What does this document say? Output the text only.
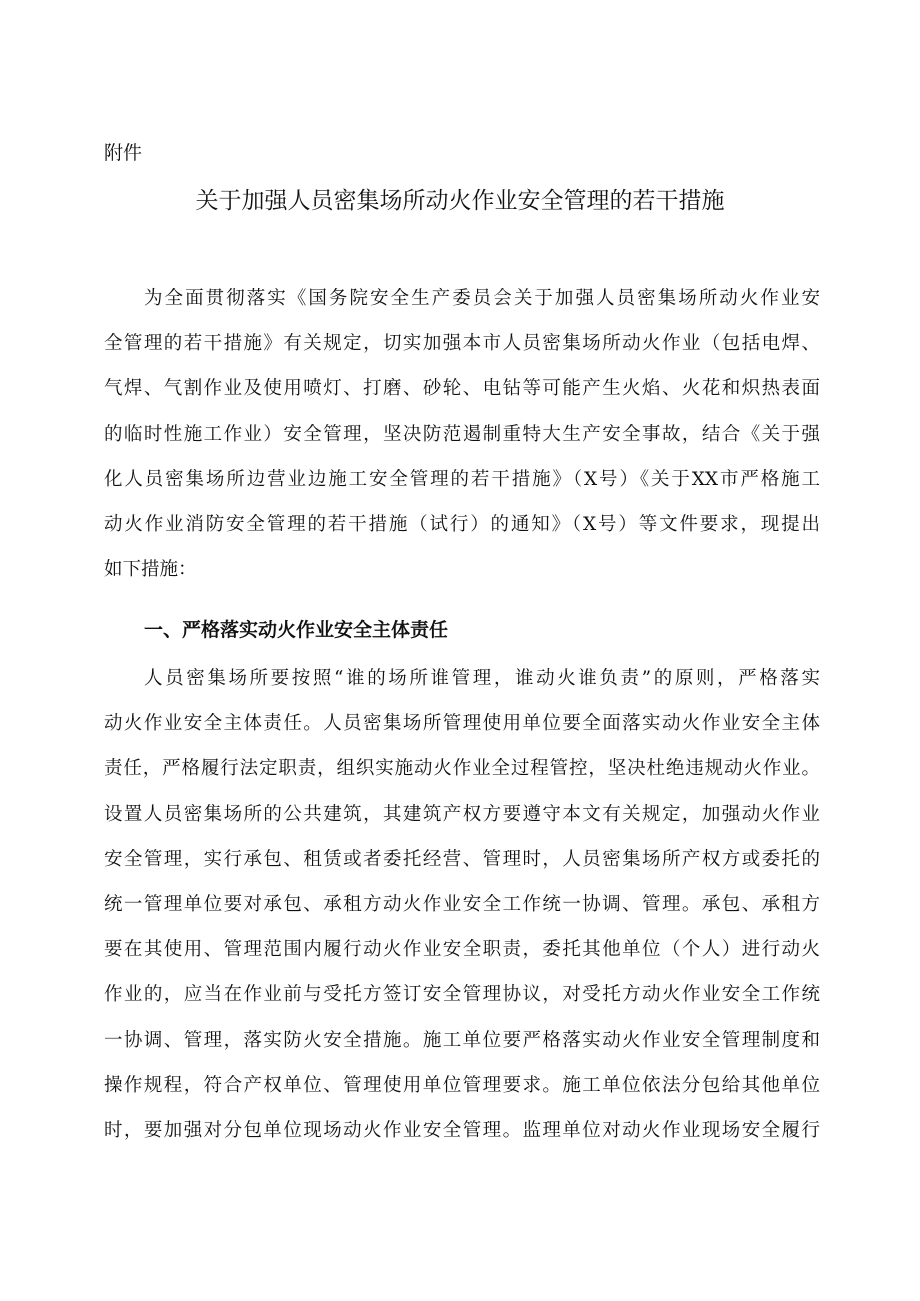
附件
关于加强人员密集场所动火作业安全管理的若干措施
为全面贯彻落实《国务院安全生产委员会关于加强人员密集场所动火作业安
全管理的若干措施》有关规定，切实加强本市人员密集场所动火作业（包括电焊、
气焊、气割作业及使用喷灯、打磨、砂轮、电钻等可能产生火焰、火花和炽热表面
的临时性施工作业）安全管理，坚决防范遏制重特大生产安全事故，结合《关于强
化人员密集场所边营业边施工安全管理的若干措施》（X号）《关于XX市严格施工
动火作业消防安全管理的若干措施（试行）的通知》（X号）等文件要求，现提出
如下措施：
一、严格落实动火作业安全主体责任
人员密集场所要按照“谁的场所谁管理，谁动火谁负责”的原则，严格落实
动火作业安全主体责任。人员密集场所管理使用单位要全面落实动火作业安全主体
责任，严格履行法定职责，组织实施动火作业全过程管控，坚决杜绝违规动火作业。
设置人员密集场所的公共建筑，其建筑产权方要遵守本文有关规定，加强动火作业
安全管理，实行承包、租赁或者委托经营、管理时，人员密集场所产权方或委托的
统一管理单位要对承包、承租方动火作业安全工作统一协调、管理。承包、承租方
要在其使用、管理范围内履行动火作业安全职责，委托其他单位（个人）进行动火
作业的，应当在作业前与受托方签订安全管理协议，对受托方动火作业安全工作统
一协调、管理，落实防火安全措施。施工单位要严格落实动火作业安全管理制度和
操作规程，符合产权单位、管理使用单位管理要求。施工单位依法分包给其他单位
时，要加强对分包单位现场动火作业安全管理。监理单位对动火作业现场安全履行
